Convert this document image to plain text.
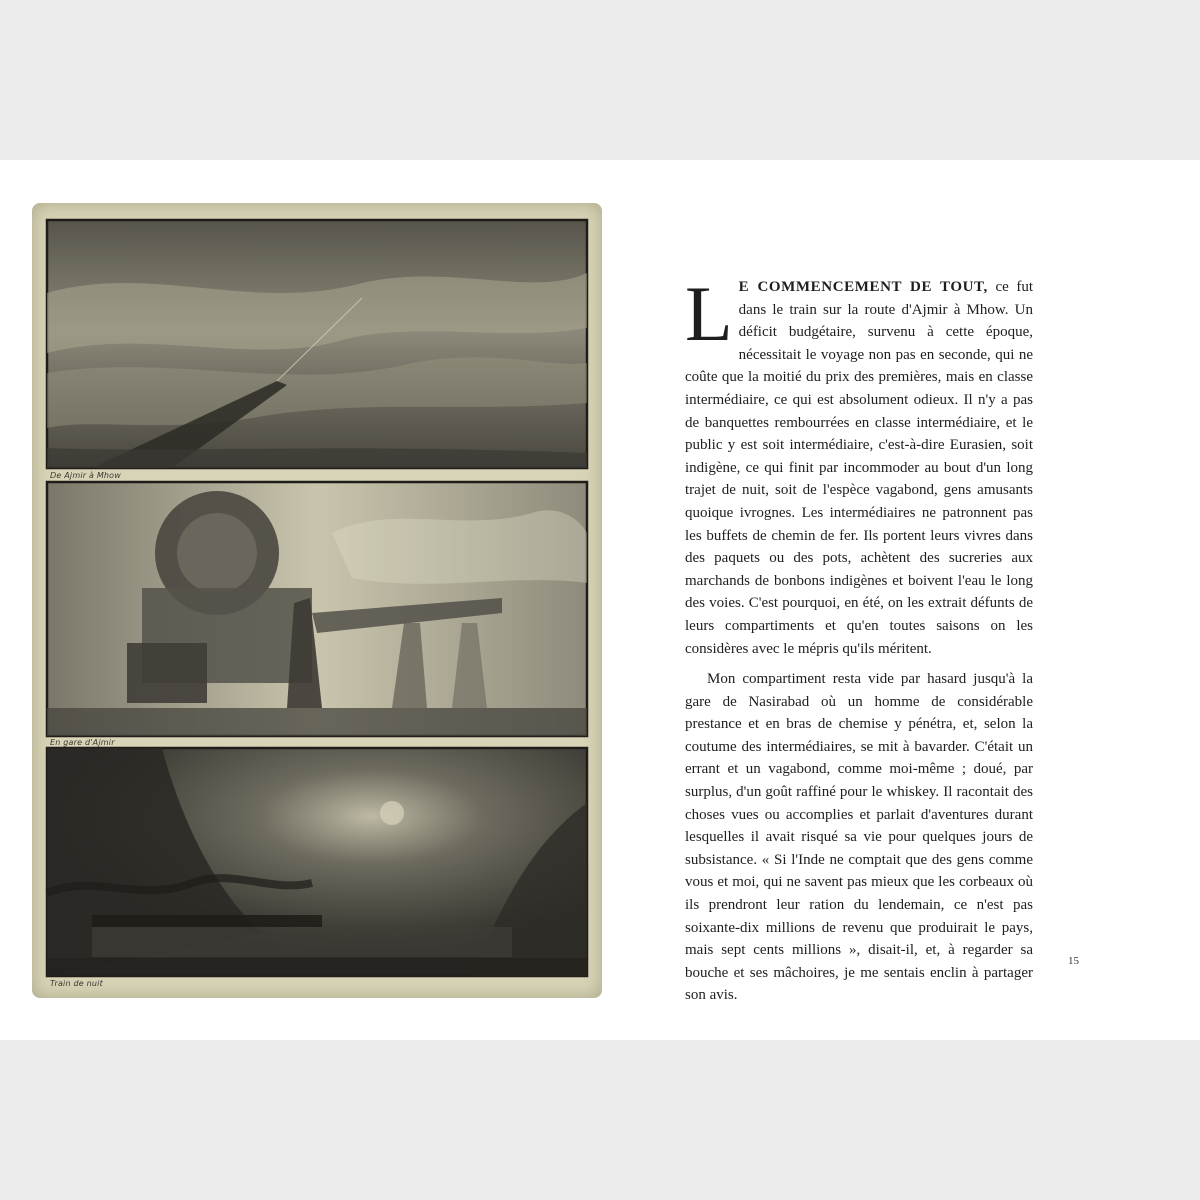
De Ajmir à Mhow
En gare d'Ajmir
Train de nuit

L E COMMENCEMENT DE TOUT, ce fut dans le train sur la route d'Ajmir à Mhow. Un déficit budgétaire, survenu à cette époque, nécessitait le voyage non pas en seconde, qui ne coûte que la moitié du prix des premières, mais en classe intermédiaire, ce qui est absolument odieux. Il n'y a pas de banquettes rembourrées en classe intermédiaire, et le public y est soit intermédiaire, c'est-à-dire Eurasien, soit indigène, ce qui finit par incommoder au bout d'un long trajet de nuit, soit de l'espèce vagabond, gens amusants quoique ivrognes. Les intermédiaires ne patronnent pas les buffets de chemin de fer. Ils portent leurs vivres dans des paquets ou des pots, achètent des sucreries aux marchands de bonbons indigènes et boivent l'eau le long des voies. C'est pourquoi, en été, on les extrait défunts de leurs compartiments et qu'en toutes saisons on les considères avec le mépris qu'ils méritent.

Mon compartiment resta vide par hasard jusqu'à la gare de Nasirabad où un homme de considérable prestance et en bras de chemise y pénétra, et, selon la coutume des intermédiaires, se mit à bavarder. C'était un errant et un vagabond, comme moi-même ; doué, par surplus, d'un goût raffiné pour le whiskey. Il racontait des choses vues ou accomplies et parlait d'aventures durant lesquelles il avait risqué sa vie pour quelques jours de subsistance. « Si l'Inde ne comptait que des gens comme vous et moi, qui ne savent pas mieux que les corbeaux où ils prendront leur ration du lendemain, ce n'est pas soixante-dix millions de revenu que produirait le pays, mais sept cents millions », disait-il, et, à regarder sa bouche et ses mâchoires, je me sentais enclin à partager son avis.

15
